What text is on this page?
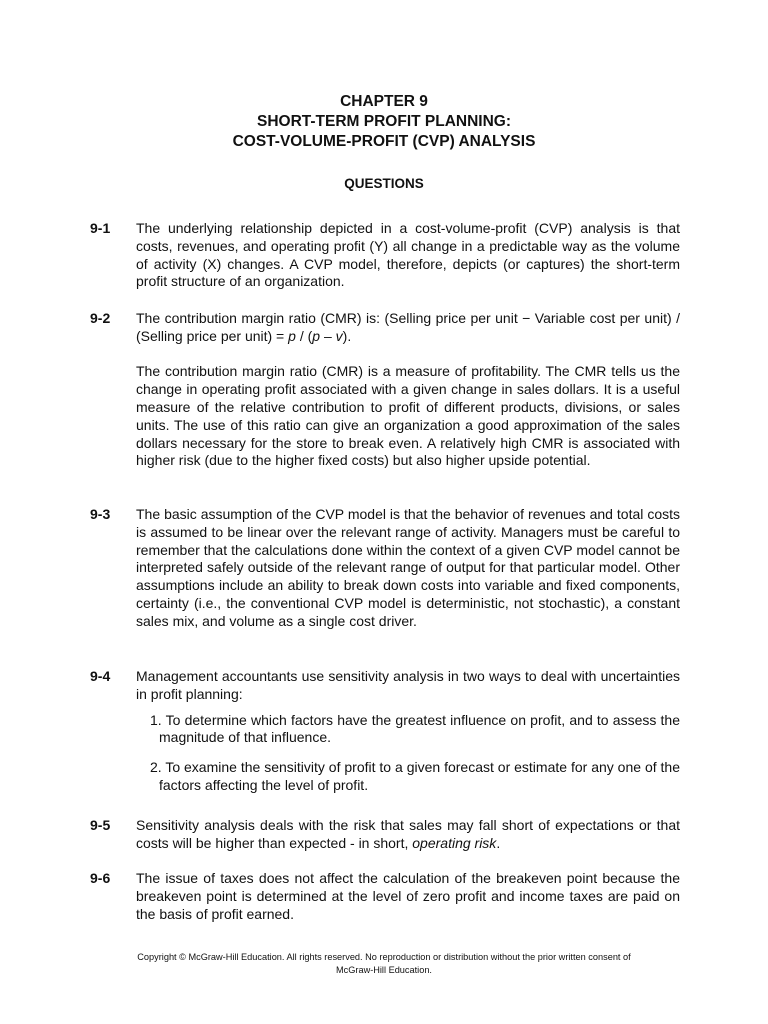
CHAPTER 9
SHORT-TERM PROFIT PLANNING:
COST-VOLUME-PROFIT (CVP) ANALYSIS
QUESTIONS
9-1 The underlying relationship depicted in a cost-volume-profit (CVP) analysis is that costs, revenues, and operating profit (Y) all change in a predictable way as the volume of activity (X) changes. A CVP model, therefore, depicts (or captures) the short-term profit structure of an organization.

9-2 The contribution margin ratio (CMR) is: (Selling price per unit − Variable cost per unit) / (Selling price per unit) = p / (p – v).

The contribution margin ratio (CMR) is a measure of profitability. The CMR tells us the change in operating profit associated with a given change in sales dollars. It is a useful measure of the relative contribution to profit of different products, divisions, or sales units. The use of this ratio can give an organization a good approximation of the sales dollars necessary for the store to break even. A relatively high CMR is associated with higher risk (due to the higher fixed costs) but also higher upside potential.

9-3 The basic assumption of the CVP model is that the behavior of revenues and total costs is assumed to be linear over the relevant range of activity. Managers must be careful to remember that the calculations done within the context of a given CVP model cannot be interpreted safely outside of the relevant range of output for that particular model. Other assumptions include an ability to break down costs into variable and fixed components, certainty (i.e., the conventional CVP model is deterministic, not stochastic), a constant sales mix, and volume as a single cost driver.

9-4 Management accountants use sensitivity analysis in two ways to deal with uncertainties in profit planning:

1. To determine which factors have the greatest influence on profit, and to assess the magnitude of that influence.
2. To examine the sensitivity of profit to a given forecast or estimate for any one of the factors affecting the level of profit.
9-5 Sensitivity analysis deals with the risk that sales may fall short of expectations or that costs will be higher than expected - in short, operating risk.

9-6 The issue of taxes does not affect the calculation of the breakeven point because the breakeven point is determined at the level of zero profit and income taxes are paid on the basis of profit earned.

Copyright © McGraw-Hill Education. All rights reserved. No reproduction or distribution without the prior written consent of
McGraw-Hill Education.
